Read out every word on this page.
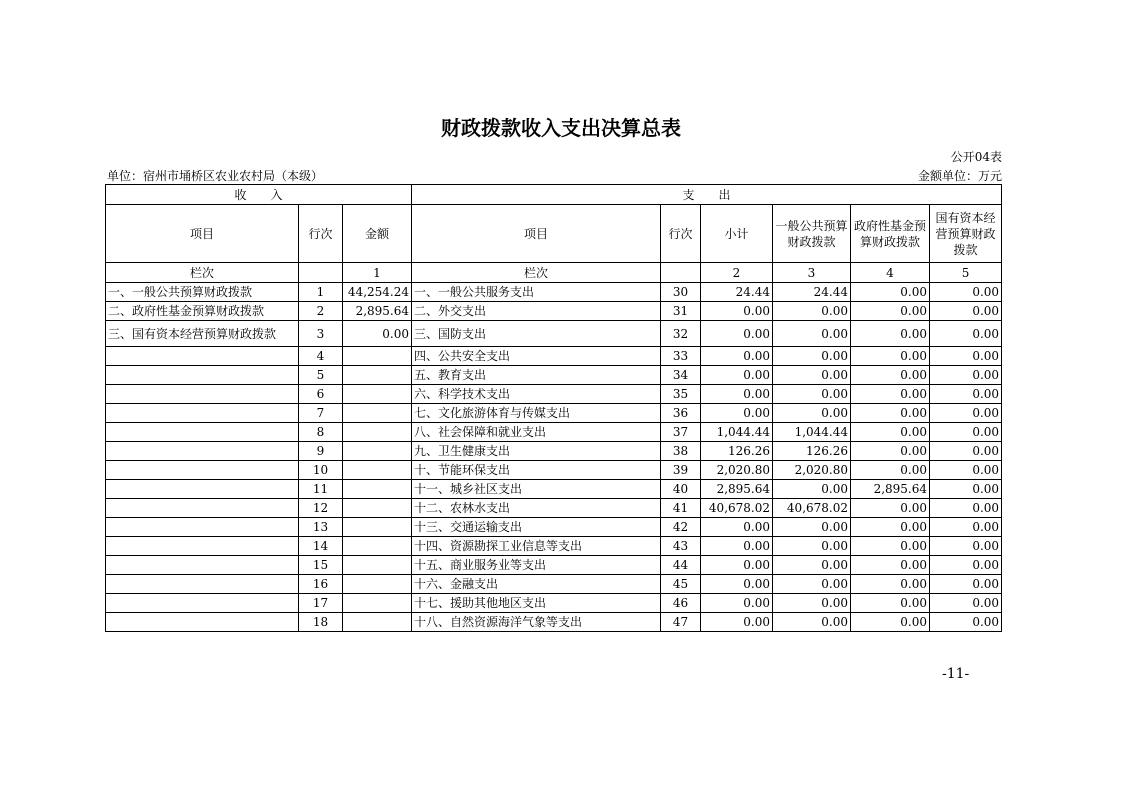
财政拨款收入支出决算总表
公开04表
单位：宿州市埇桥区农业农村局（本级）	金额单位：万元
收　　入			支　　出					
项目	行次	金额	项目	行次	小计	一般公共预算财政拨款	政府性基金预算财政拨款	国有资本经营预算财政拨款
栏次		1	栏次		2	3	4	5
一、一般公共预算财政拨款	1	44,254.24	一、一般公共服务支出	30	24.44	24.44	0.00	0.00
二、政府性基金预算财政拨款	2	2,895.64	二、外交支出	31	0.00	0.00	0.00	0.00
三、国有资本经营预算财政拨款	3	0.00	三、国防支出	32	0.00	0.00	0.00	0.00
	4		四、公共安全支出	33	0.00	0.00	0.00	0.00
	5		五、教育支出	34	0.00	0.00	0.00	0.00
	6		六、科学技术支出	35	0.00	0.00	0.00	0.00
	7		七、文化旅游体育与传媒支出	36	0.00	0.00	0.00	0.00
	8		八、社会保障和就业支出	37	1,044.44	1,044.44	0.00	0.00
	9		九、卫生健康支出	38	126.26	126.26	0.00	0.00
	10		十、节能环保支出	39	2,020.80	2,020.80	0.00	0.00
	11		十一、城乡社区支出	40	2,895.64	0.00	2,895.64	0.00
	12		十二、农林水支出	41	40,678.02	40,678.02	0.00	0.00
	13		十三、交通运输支出	42	0.00	0.00	0.00	0.00
	14		十四、资源勘探工业信息等支出	43	0.00	0.00	0.00	0.00
	15		十五、商业服务业等支出	44	0.00	0.00	0.00	0.00
	16		十六、金融支出	45	0.00	0.00	0.00	0.00
	17		十七、援助其他地区支出	46	0.00	0.00	0.00	0.00
	18		十八、自然资源海洋气象等支出	47	0.00	0.00	0.00	0.00
-11-
